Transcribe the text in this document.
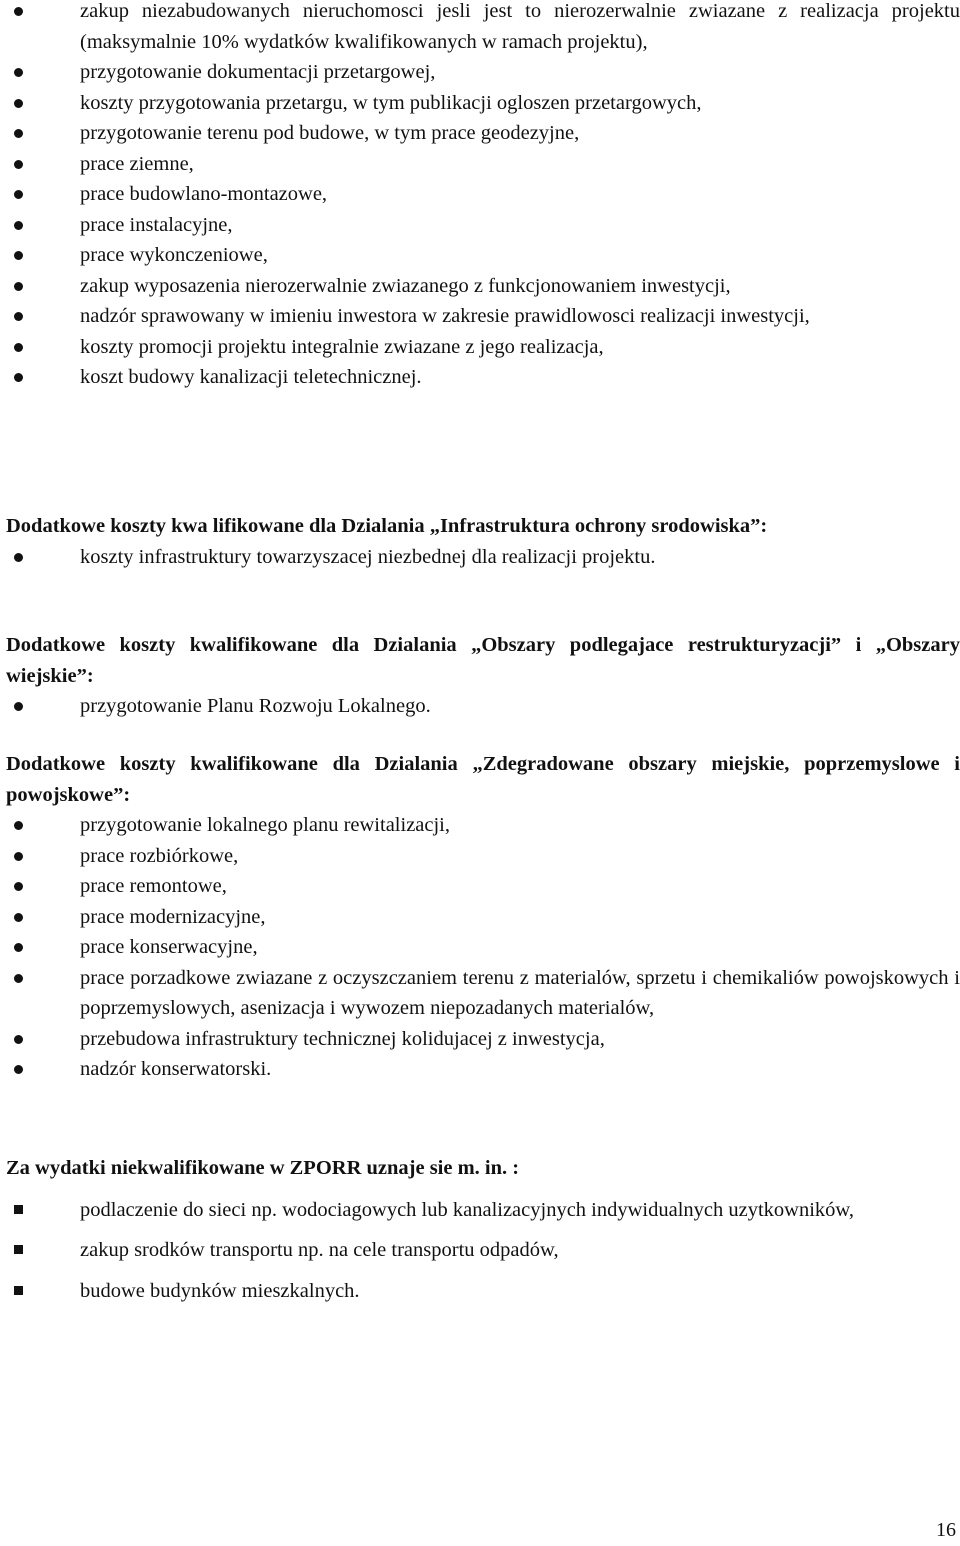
zakup niezabudowanych nieruchomosci jesli jest to nierozerwalnie zwiazane z realizacja projektu (maksymalnie 10% wydatków kwalifikowanych w ramach projektu),
przygotowanie dokumentacji przetargowej,
koszty przygotowania przetargu, w tym publikacji ogloszen przetargowych,
przygotowanie terenu pod budowe, w tym prace geodezyjne,
prace ziemne,
prace budowlano-montazowe,
prace instalacyjne,
prace wykonczeniowe,
zakup wyposazenia nierozerwalnie zwiazanego z funkcjonowaniem inwestycji,
nadzór sprawowany w imieniu inwestora w zakresie prawidlowosci realizacji inwestycji,
koszty promocji projektu integralnie zwiazane z jego realizacja,
koszt budowy kanalizacji teletechnicznej.
Dodatkowe koszty kwa lifikowane dla Dzialania „Infrastruktura ochrony srodowiska”:
koszty infrastruktury towarzyszacej niezbednej dla realizacji projektu.
Dodatkowe koszty kwalifikowane dla Dzialania „Obszary podlegajace restrukturyzacji” i „Obszary wiejskie”:
przygotowanie Planu Rozwoju Lokalnego.
Dodatkowe koszty kwalifikowane dla Dzialania „Zdegradowane obszary miejskie, poprzemyslowe i powojskowe”:
przygotowanie lokalnego planu rewitalizacji,
prace rozbiórkowe,
prace remontowe,
prace modernizacyjne,
prace konserwacyjne,
prace porzadkowe zwiazane z oczyszczaniem terenu z materialów, sprzetu i chemikaliów powojskowych i poprzemyslowych, asenizacja i wywozem niepozadanych materialów,
przebudowa infrastruktury technicznej kolidujacej z inwestycja,
nadzór konserwatorski.
Za wydatki niekwalifikowane w ZPORR uznaje sie m. in. :
podlaczenie do sieci np. wodociagowych lub kanalizacyjnych indywidualnych uzytkowników,
zakup srodków transportu np. na cele transportu odpadów,
budowe budynków mieszkalnych.
16
